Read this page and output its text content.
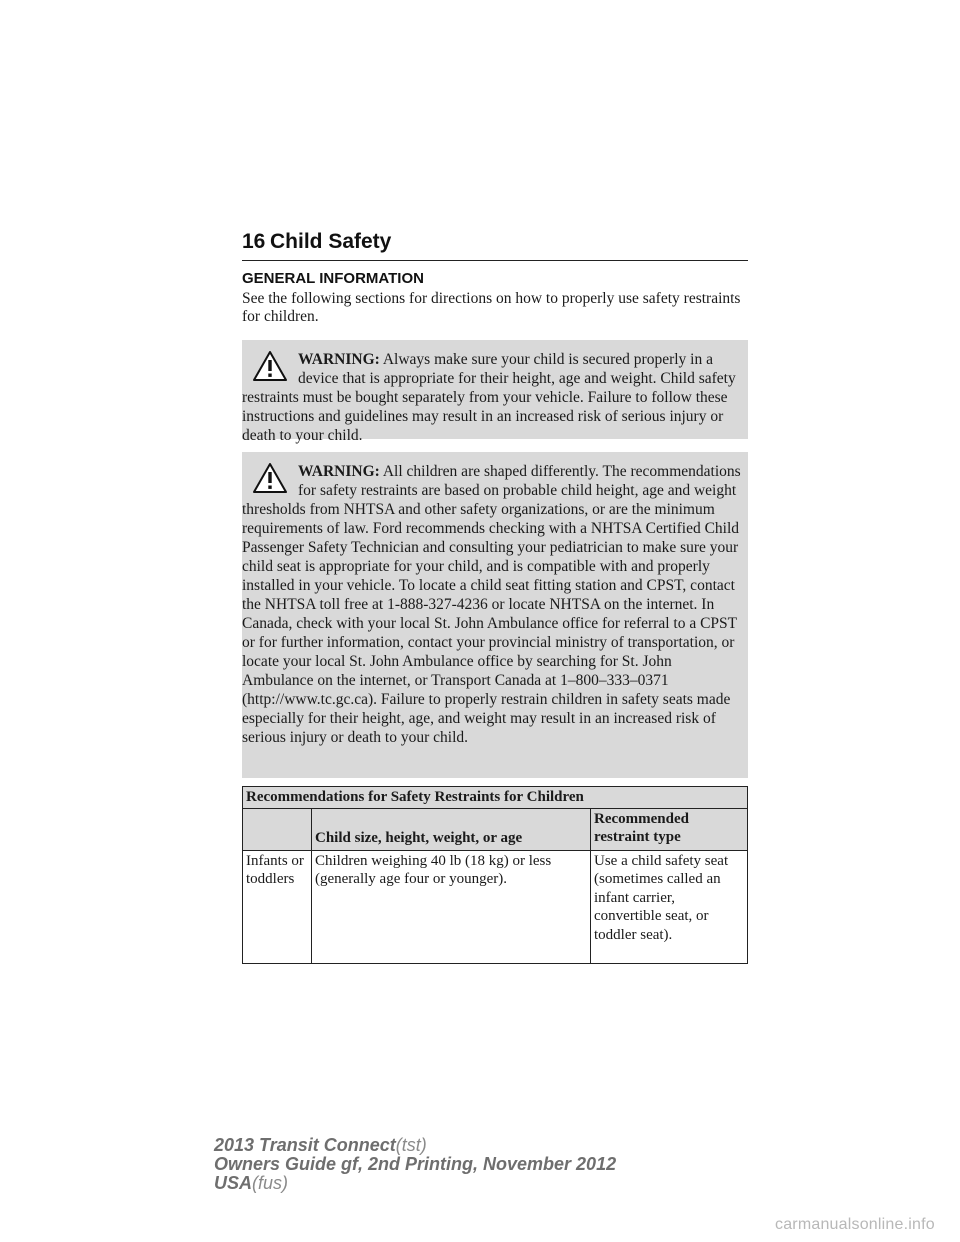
16 Child Safety
GENERAL INFORMATION

See the following sections for directions on how to properly use safety restraints for children.

WARNING: Always make sure your child is secured properly in a device that is appropriate for their height, age and weight. Child safety restraints must be bought separately from your vehicle. Failure to follow these instructions and guidelines may result in an increased risk of serious injury or death to your child.

WARNING: All children are shaped differently. The recommendations for safety restraints are based on probable child height, age and weight thresholds from NHTSA and other safety organizations, or are the minimum requirements of law. Ford recommends checking with a NHTSA Certified Child Passenger Safety Technician and consulting your pediatrician to make sure your child seat is appropriate for your child, and is compatible with and properly installed in your vehicle. To locate a child seat fitting station and CPST, contact the NHTSA toll free at 1-888-327-4236 or locate NHTSA on the internet. In Canada, check with your local St. John Ambulance office for referral to a CPST or for further information, contact your provincial ministry of transportation, or locate your local St. John Ambulance office by searching for St. John Ambulance on the internet, or Transport Canada at 1–800–333–0371 (http://www.tc.gc.ca). Failure to properly restrain children in safety seats made especially for their height, age, and weight may result in an increased risk of serious injury or death to your child.

Recommendations for Safety Restraints for Children		
	Child size, height, weight, or age	Recommended restraint type
Infants or toddlers	Children weighing 40 lb (18 kg) or less (generally age four or younger).	Use a child safety seat (sometimes called an infant carrier, convertible seat, or toddler seat).
2013 Transit Connect(tst)
Owners Guide gf, 2nd Printing, November 2012
USA(fus)
carmanualsonline.info
